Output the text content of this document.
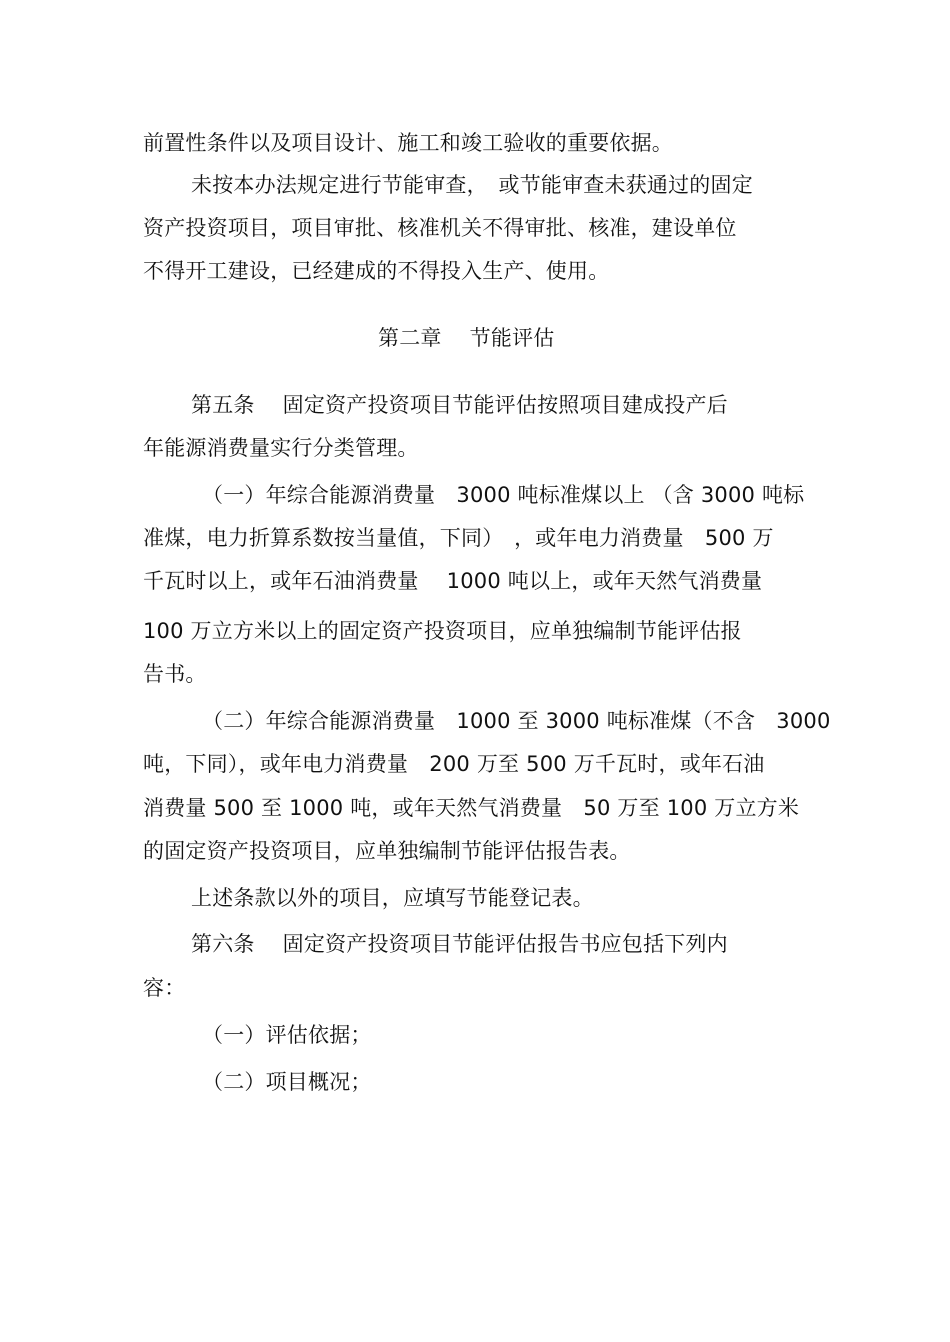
前置性条件以及项目设计、施工和竣工验收的重要依据。
未按本办法规定进行节能审查，　或节能审查未获通过的固定
资产投资项目，项目审批、核准机关不得审批、核准，建设单位
不得开工建设，已经建成的不得投入生产、使用。
第二章　 节能评估
第五条　 固定资产投资项目节能评估按照项目建成投产后
年能源消费量实行分类管理。
（一）年综合能源消费量　3000 吨标准煤以上 （含 3000 吨标
准煤，电力折算系数按当量值，下同）　，或年电力消费量　500 万
千瓦时以上，或年石油消费量　 1000 吨以上，或年天然气消费量
100 万立方米以上的固定资产投资项目，应单独编制节能评估报
告书。
（二）年综合能源消费量　1000 至 3000 吨标准煤（不含　3000
吨，下同），或年电力消费量　200 万至 500 万千瓦时，或年石油
消费量 500 至 1000 吨，或年天然气消费量　50 万至 100 万立方米
的固定资产投资项目，应单独编制节能评估报告表。
上述条款以外的项目，应填写节能登记表。
第六条　 固定资产投资项目节能评估报告书应包括下列内
容：
（一）评估依据；
（二）项目概况；
